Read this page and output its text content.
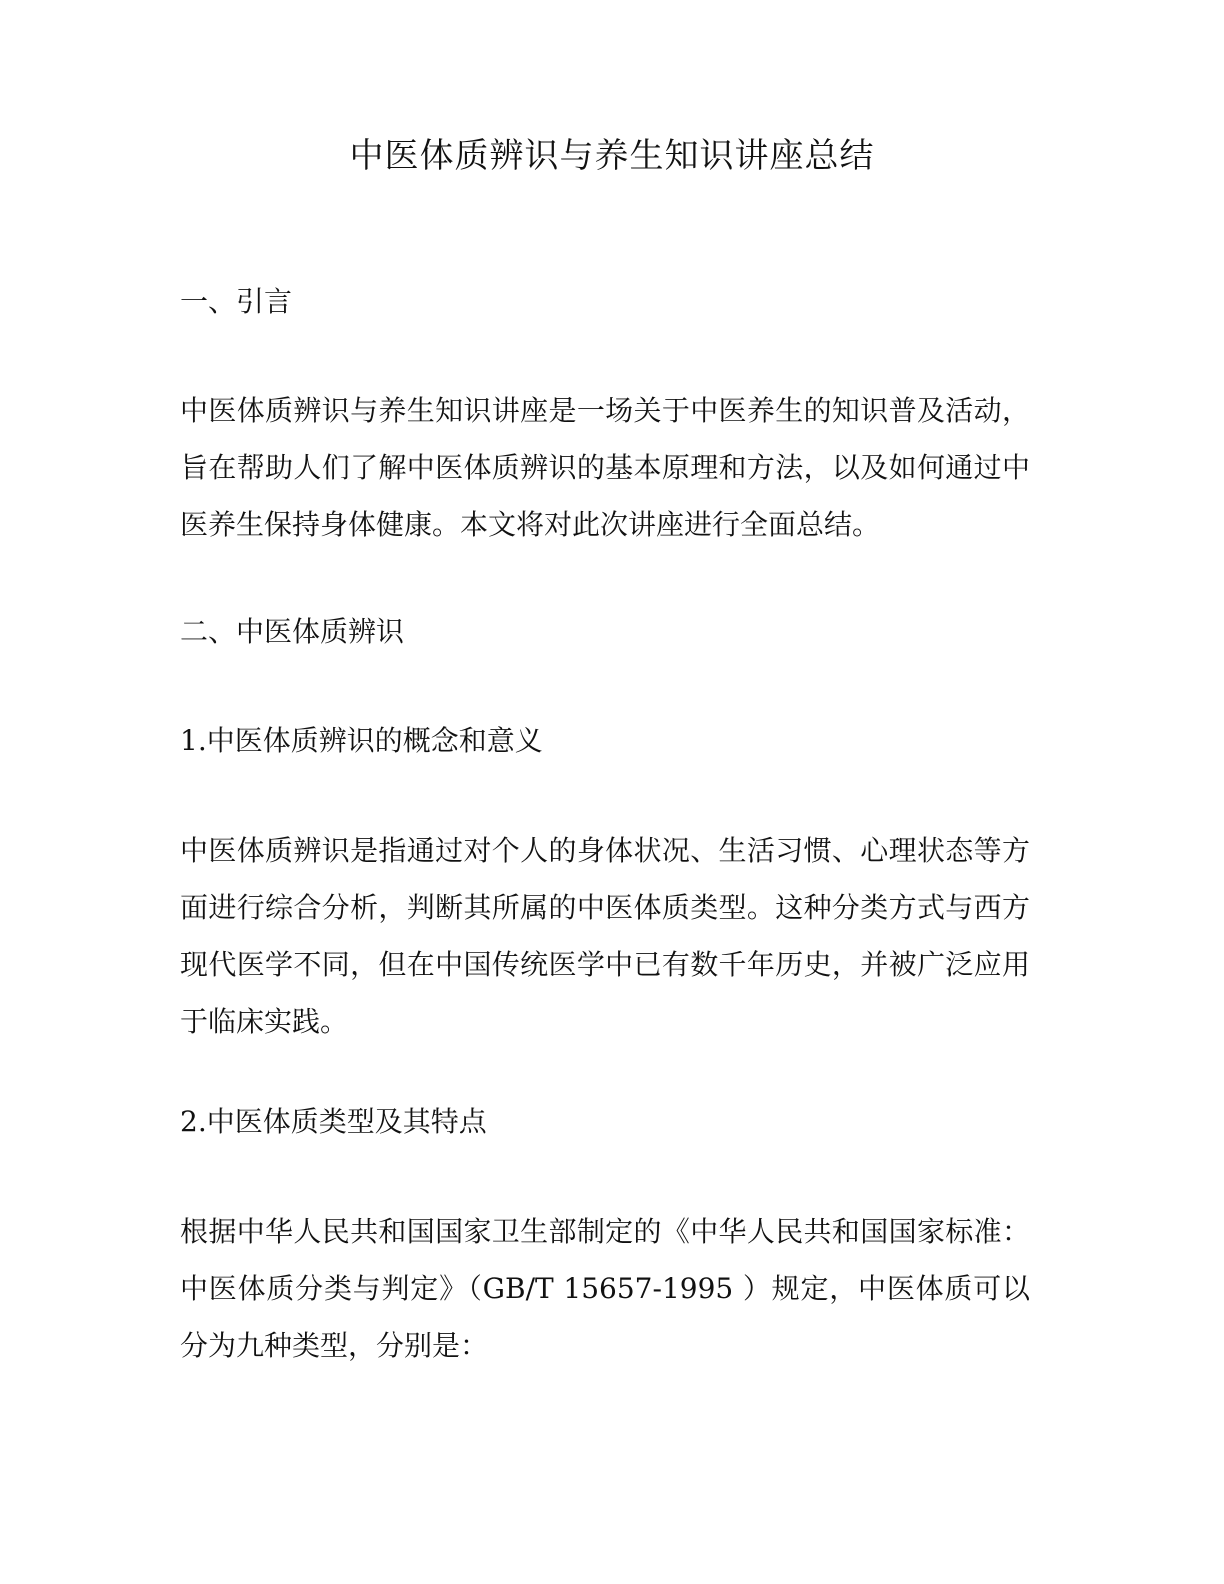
中医体质辨识与养生知识讲座总结
一、引言

中医体质辨识与养生知识讲座是一场关于中医养生的知识普及活动，旨在帮助人们了解中医体质辨识的基本原理和方法，以及如何通过中医养生保持身体健康。本文将对此次讲座进行全面总结。

二、中医体质辨识
1.中医体质辨识的概念和意义

中医体质辨识是指通过对个人的身体状况、生活习惯、心理状态等方面进行综合分析，判断其所属的中医体质类型。这种分类方式与西方现代医学不同，但在中国传统医学中已有数千年历史，并被广泛应用于临床实践。

2.中医体质类型及其特点

根据中华人民共和国国家卫生部制定的《中华人民共和国国家标准：中医体质分类与判定》（GB/T 15657-1995 ）规定，中医体质可以分为九种类型，分别是：
